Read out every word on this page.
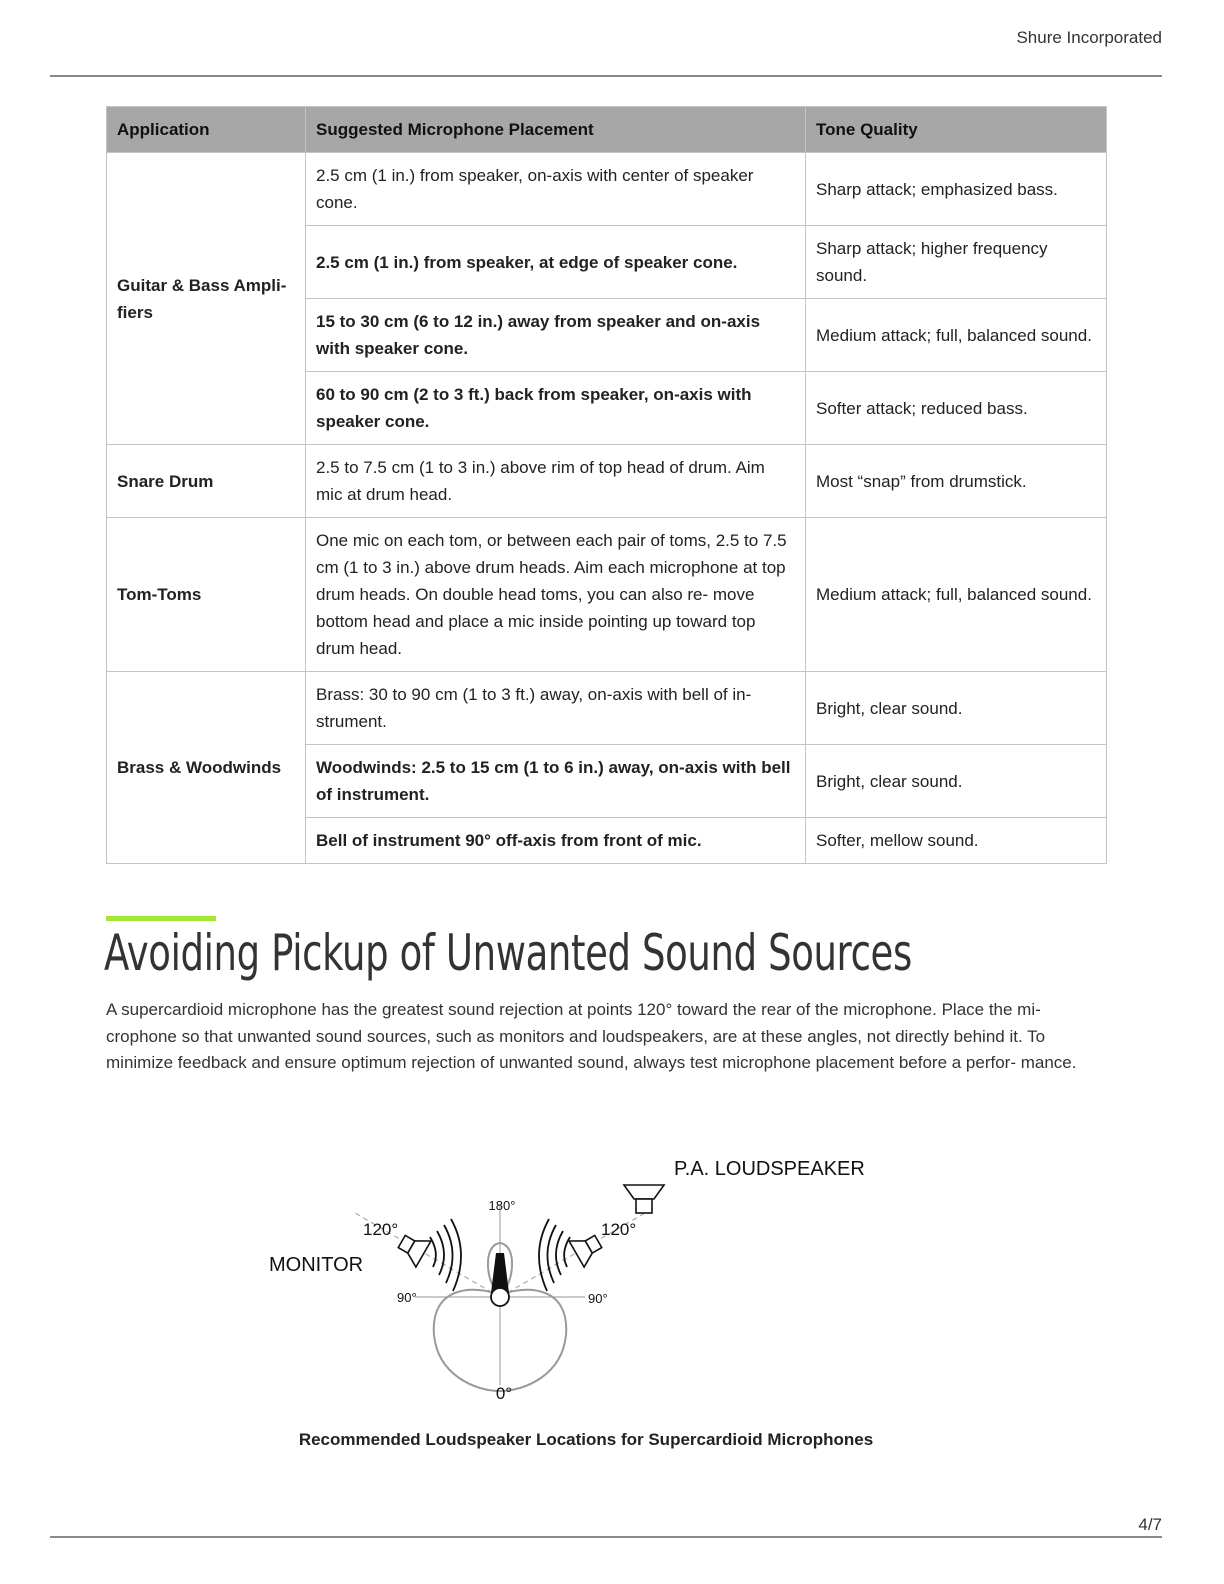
Shure Incorporated
Application	Suggested Microphone Placement	Tone Quality
Guitar & Bass Ampli- fiers	2.5 cm (1 in.) from speaker, on-axis with center of speaker cone.	Sharp attack; emphasized bass.
	2.5 cm (1 in.) from speaker, at edge of speaker cone.	Sharp attack; higher frequency sound.
	15 to 30 cm (6 to 12 in.) away from speaker and on-axis with speaker cone.	Medium attack; full, balanced sound.
	60 to 90 cm (2 to 3 ft.) back from speaker, on-axis with speaker cone.	Softer attack; reduced bass.
Snare Drum	2.5 to 7.5 cm (1 to 3 in.) above rim of top head of drum. Aim mic at drum head.	Most “snap” from drumstick.
Tom-Toms	One mic on each tom, or between each pair of toms, 2.5 to 7.5 cm (1 to 3 in.) above drum heads. Aim each microphone at top drum heads. On double head toms, you can also re- move bottom head and place a mic inside pointing up toward top drum head.	Medium attack; full, balanced sound.
Brass & Woodwinds	Brass: 30 to 90 cm (1 to 3 ft.) away, on-axis with bell of in- strument.	Bright, clear sound.
	Woodwinds: 2.5 to 15 cm (1 to 6 in.) away, on-axis with bell of instrument.	Bright, clear sound.
	Bell of instrument 90° off-axis from front of mic.	Softer, mellow sound.
Avoiding Pickup of Unwanted Sound Sources
A supercardioid microphone has the greatest sound rejection at points 120° toward the rear of the microphone. Place the mi- crophone so that unwanted sound sources, such as monitors and loudspeakers, are at these angles, not directly behind it. To minimize feedback and ensure optimum rejection of unwanted sound, always test microphone placement before a perfor- mance.
P.A. LOUDSPEAKER
MONITOR
180°
120°	120°
90°	90°
0°
Recommended Loudspeaker Locations for Supercardioid Microphones
4/7
